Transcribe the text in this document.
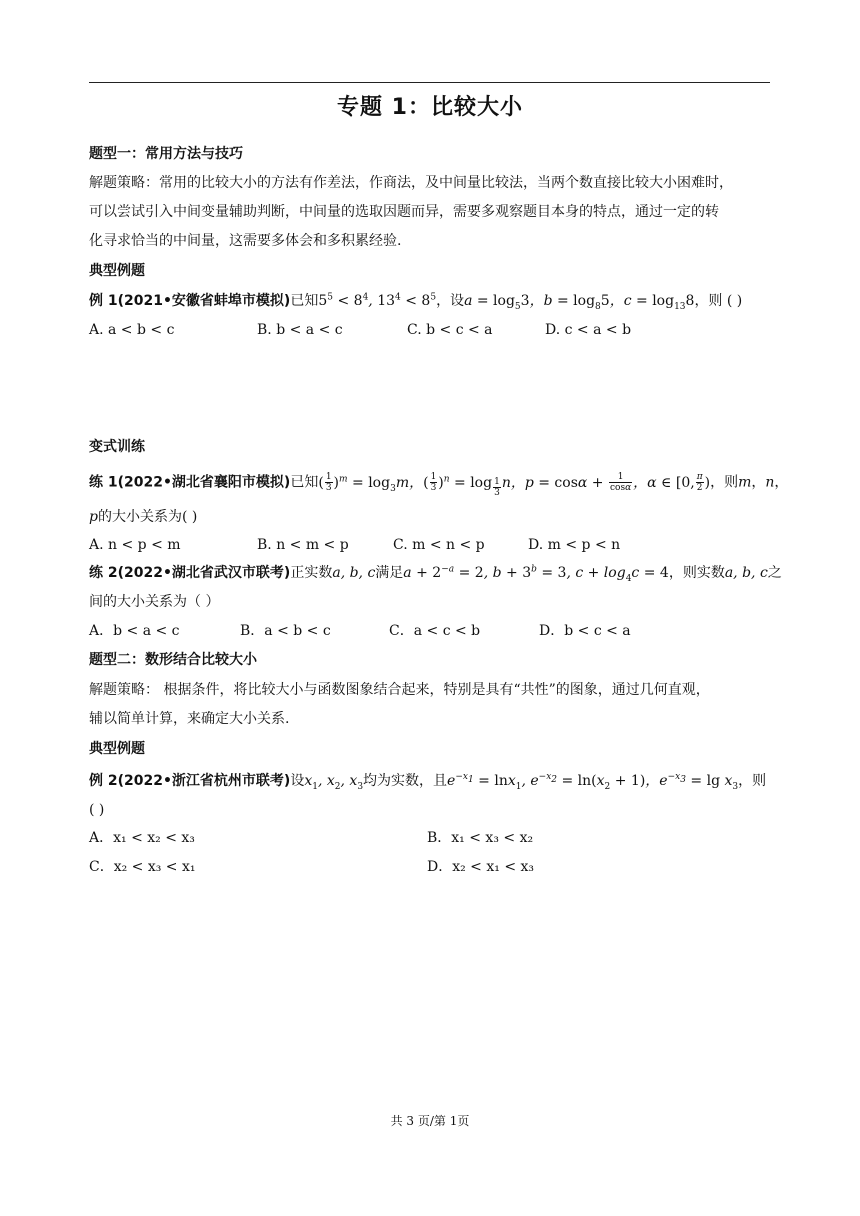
专题 1：比较大小
题型一：常用方法与技巧
解题策略：常用的比较大小的方法有作差法，作商法，及中间量比较法，当两个数直接比较大小困难时，
可以尝试引入中间变量辅助判断，中间量的选取因题而异，需要多观察题目本身的特点，通过一定的转
化寻求恰当的中间量，这需要多体会和多积累经验.
典型例题
例 1(2021•安徽省蚌埠市模拟)已知$5^5 < 8^4$, $13^4 < 8^5$，设$a = \log_53$，$b = \log_85$，$c = \log_{13}8$，则 ( )
A. a < b < c	B. b < a < c	C. b < c < a	D. c < a < b
变式训练
练 1(2022•湖北省襄阳市模拟)已知( $\frac{1}{3} )^m = \log_3m$，( $\frac{1}{3} )^n = \log _{\frac{1}{3}}$ n，$p = \cos\alpha + \frac{1}{\cos\alpha}$ ，α ∈ [0, $\frac{\pi}{2}$ )，则m，n，
p的大小关系为( )
A. n < p < m	B. n < m < p	C. m < n < p	D. m < p < n
练 2(2022•湖北省武汉市联考)正实数a, b, c满足$a + 2^{-a} = 2$, $b + 3^b = 3$, $c + \log_4c = 4$，则实数a, b, c之
间的大小关系为（ ）
A．b < a < c	B．a < b < c	C．a < c < b	D．b < c < a
题型二：数形结合比较大小
解题策略： 根据条件，将比较大小与函数图象结合起来，特别是具有“共性”的图象，通过几何直观，
辅以简单计算，来确定大小关系.
典型例题
例 2(2022•浙江省杭州市联考)设$x_1$, $x_2$, $x_3$均为实数，且$e^{-x_1} = \ln x_1$, $e^{-x_2} = \ln(x_2 + 1)$，$e^{-x_3} = \lg x_3$，则
( )
A．x₁ < x₂ < x₃	B．x₁ < x₃ < x₂
C．x₂ < x₃ < x₁	D．x₂ < x₁ < x₃
共 3 页/第 1页
